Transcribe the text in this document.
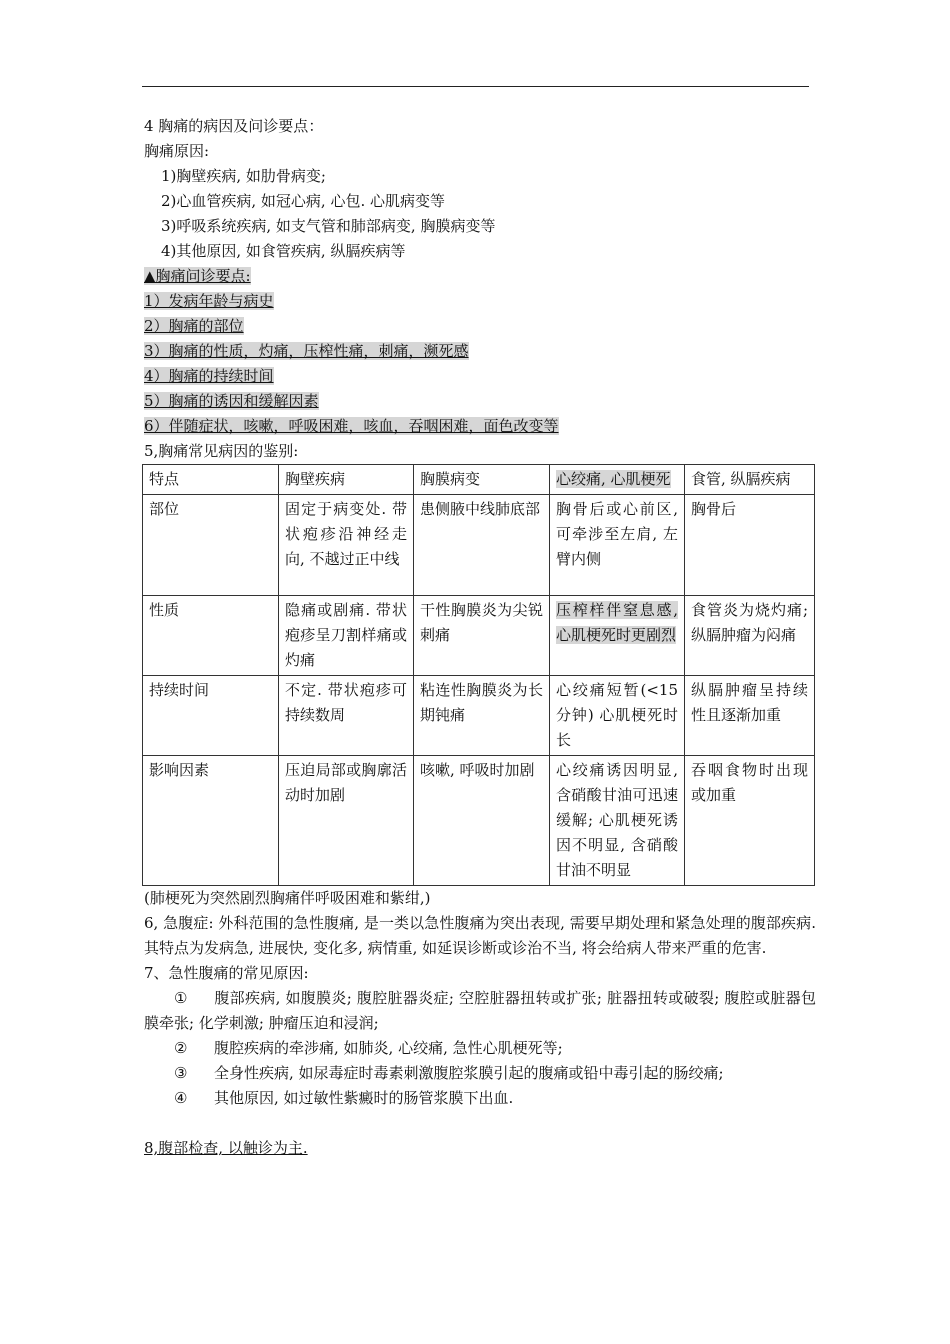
4 胸痛的病因及问诊要点：
胸痛原因:
1)胸壁疾病, 如肋骨病变;
2)心血管疾病, 如冠心病, 心包. 心肌病变等
3)呼吸系统疾病, 如支气管和肺部病变, 胸膜病变等
4)其他原因, 如食管疾病, 纵膈疾病等
▲胸痛问诊要点:
1）发病年龄与病史
2）胸痛的部位
3）胸痛的性质，灼痛，压榨性痛，刺痛，濒死感
4）胸痛的持续时间
5）胸痛的诱因和缓解因素
6）伴随症状，咳嗽，呼吸困难，咳血，吞咽困难，面色改变等
5,胸痛常见病因的鉴别:
特点	胸壁疾病	胸膜病变	心绞痛, 心肌梗死	食管, 纵膈疾病
部位	固定于病变处. 带状疱疹沿神经走向, 不越过正中线	患侧腋中线肺底部	胸骨后或心前区, 可牵涉至左肩, 左臂内侧	胸骨后
性质	隐痛或剧痛. 带状疱疹呈刀割样痛或灼痛	干性胸膜炎为尖锐刺痛	压榨样伴窒息感, 心肌梗死时更剧烈	食管炎为烧灼痛; 纵膈肿瘤为闷痛
持续时间	不定. 带状疱疹可持续数周	粘连性胸膜炎为长期钝痛	心绞痛短暂(<15 分钟) 心肌梗死时长	纵膈肿瘤呈持续性且逐渐加重
影响因素	压迫局部或胸廓活动时加剧	咳嗽, 呼吸时加剧	心绞痛诱因明显, 含硝酸甘油可迅速缓解; 心肌梗死诱因不明显, 含硝酸甘油不明显	吞咽食物时出现或加重
(肺梗死为突然剧烈胸痛伴呼吸困难和紫绀,)
6, 急腹症: 外科范围的急性腹痛, 是一类以急性腹痛为突出表现, 需要早期处理和紧急处理的腹部疾病. 其特点为发病急, 进展快, 变化多, 病情重, 如延误诊断或诊治不当, 将会给病人带来严重的危害.
7、急性腹痛的常见原因:
① 腹部疾病, 如腹膜炎; 腹腔脏器炎症; 空腔脏器扭转或扩张; 脏器扭转或破裂; 腹腔或脏器包膜牵张; 化学刺激; 肿瘤压迫和浸润;
② 腹腔疾病的牵涉痛, 如肺炎, 心绞痛, 急性心肌梗死等;
③ 全身性疾病, 如尿毒症时毒素刺激腹腔浆膜引起的腹痛或铅中毒引起的肠绞痛;
④ 其他原因, 如过敏性紫癜时的肠管浆膜下出血.
8,腹部检查, 以触诊为主.
